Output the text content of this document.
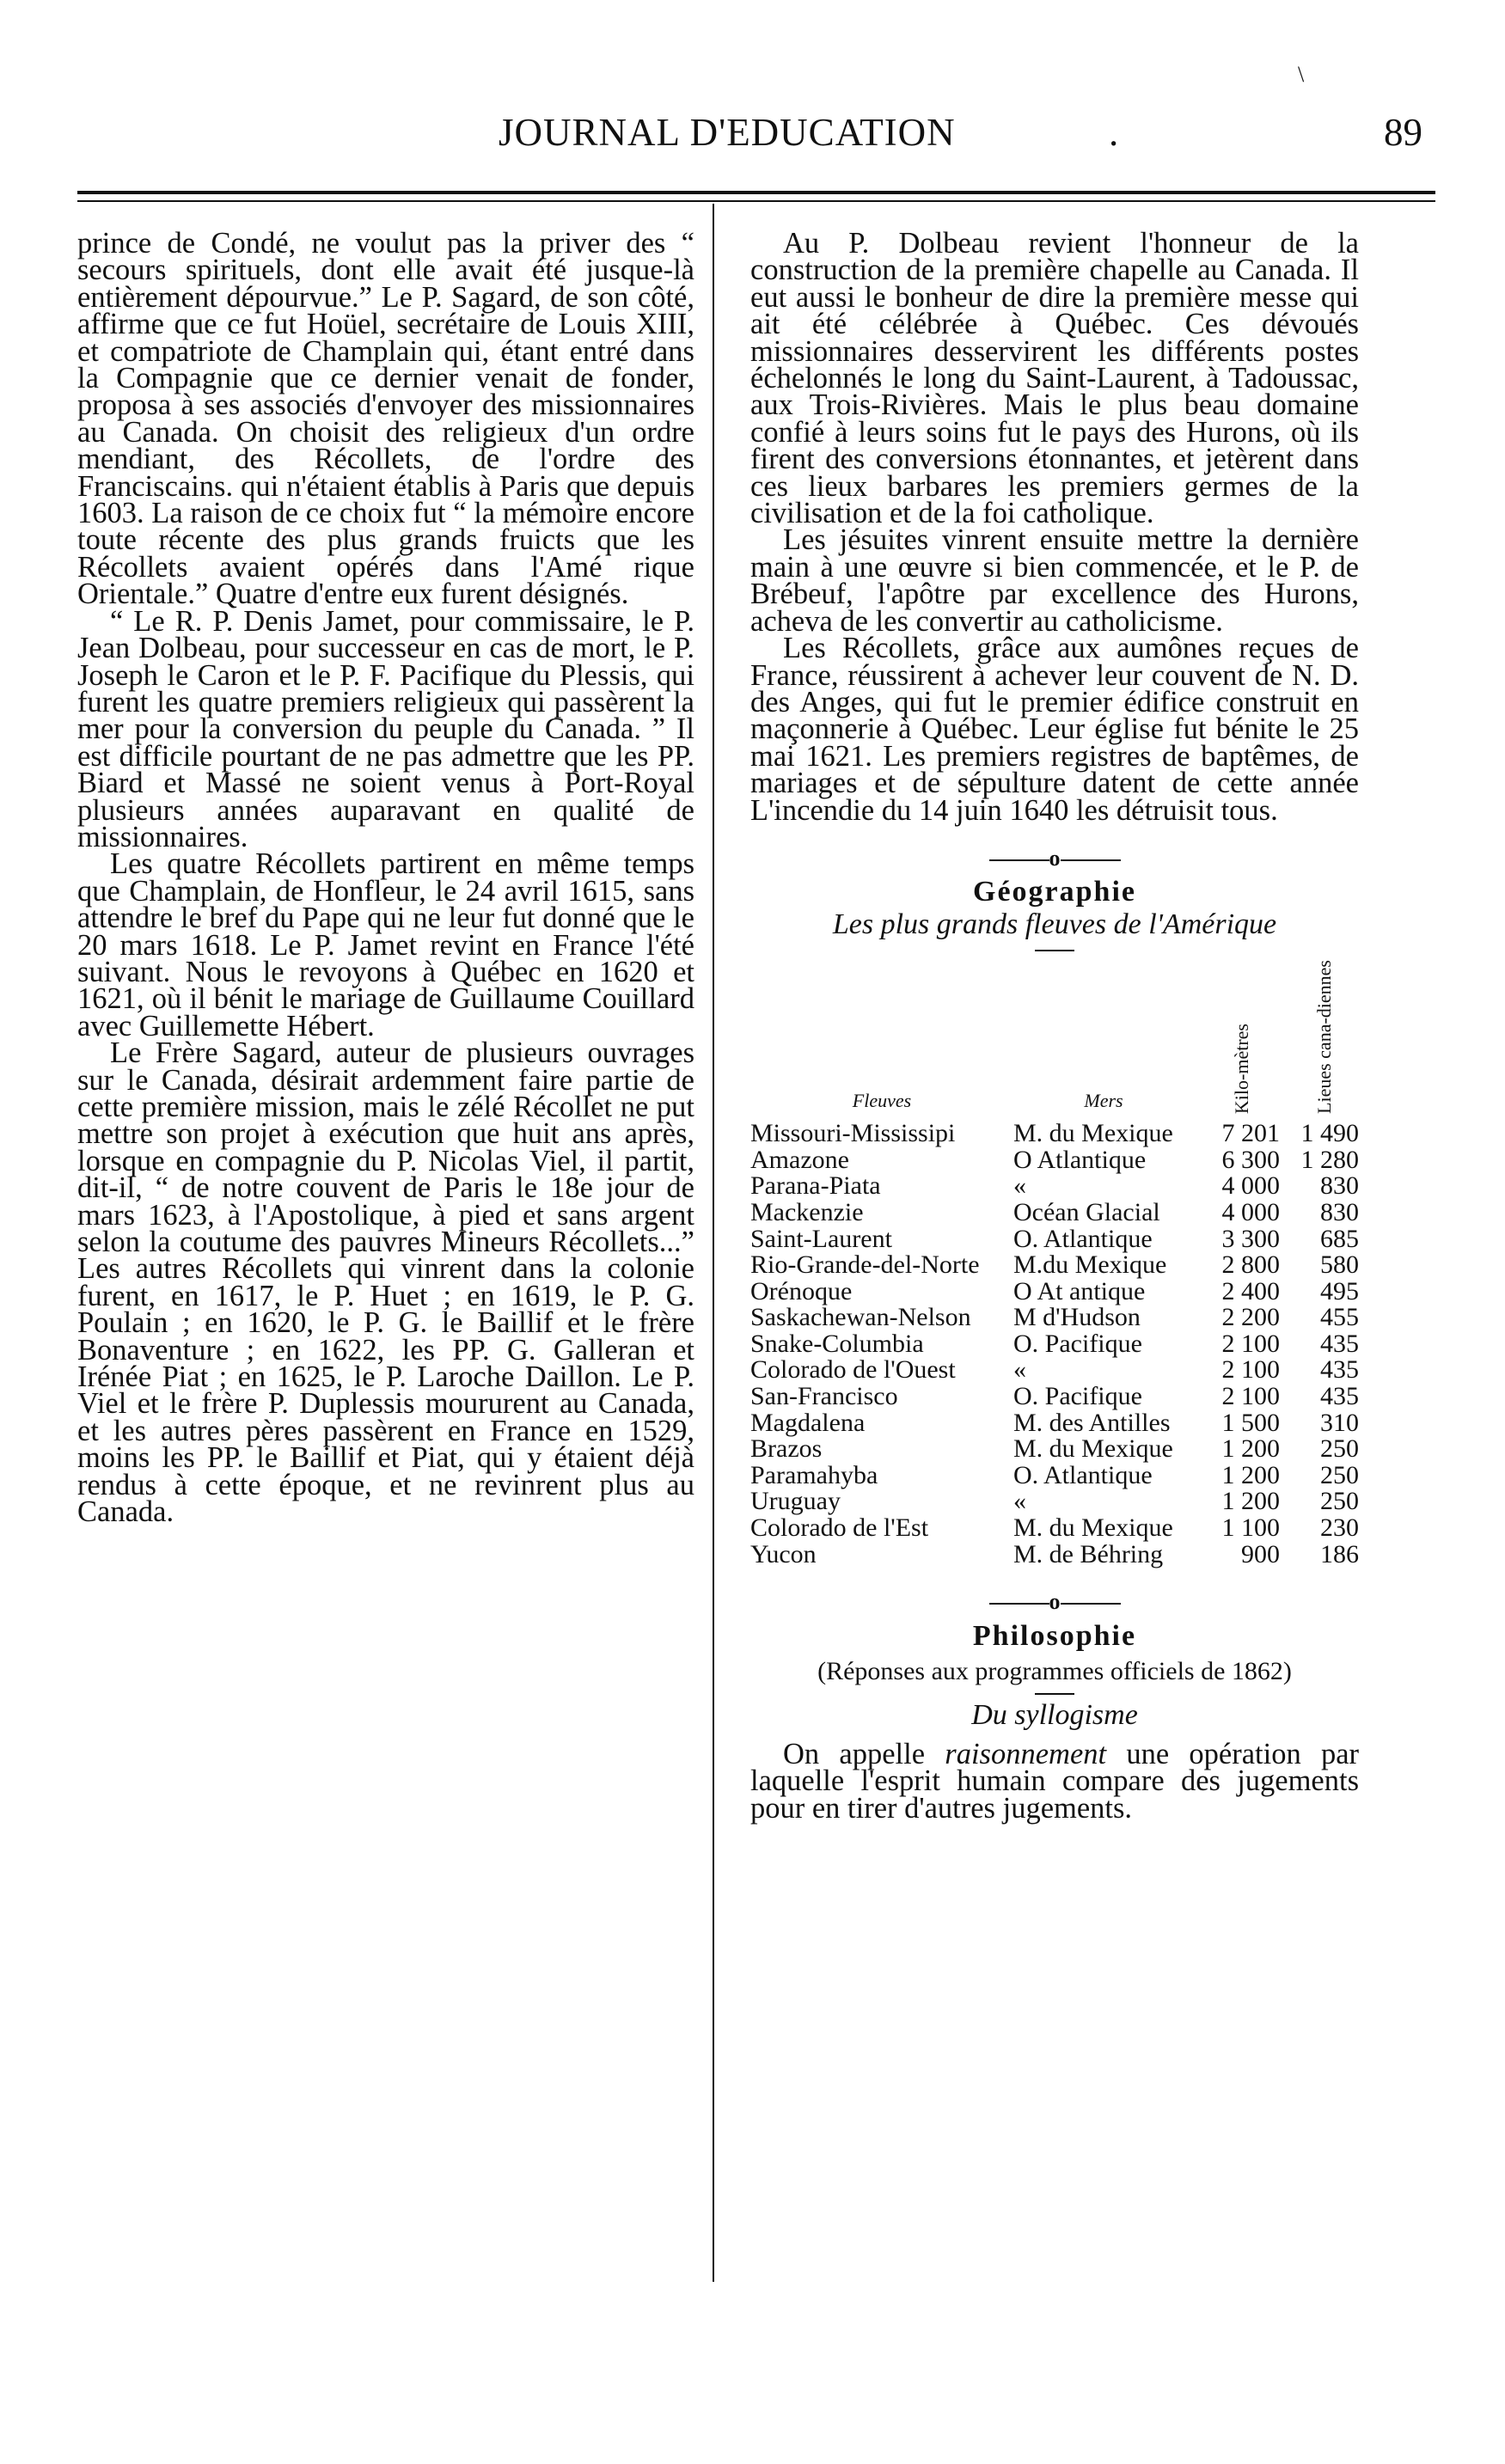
\
JOURNAL D'EDUCATION	.	89

prince de Condé, ne voulut pas la priver des “ secours spirituels, dont elle avait été jusque-là entièrement dépourvue.” Le P. Sagard, de son côté, affirme que ce fut Hoüel, secrétaire de Louis XIII, et compatriote de Champlain qui, étant entré dans la Compagnie que ce dernier venait de fonder, proposa à ses associés d'envoyer des missionnaires au Canada. On choisit des religieux d'un ordre mendiant, des Récollets, de l'ordre des Franciscains. qui n'étaient établis à Paris que depuis 1603. La raison de ce choix fut “ la mémoire encore toute récente des plus grands fruicts que les Récollets avaient opérés dans l'Amé rique Orientale.” Quatre d'entre eux furent désignés.

“ Le R. P. Denis Jamet, pour commissaire, le P. Jean Dolbeau, pour successeur en cas de mort, le P. Joseph le Caron et le P. F. Pacifique du Plessis, qui furent les quatre premiers religieux qui passèrent la mer pour la conversion du peuple du Canada. ” Il est difficile pourtant de ne pas admettre que les PP. Biard et Massé ne soient venus à Port-Royal plusieurs années auparavant en qualité de missionnaires.

Les quatre Récollets partirent en même temps que Champlain, de Honfleur, le 24 avril 1615, sans attendre le bref du Pape qui ne leur fut donné que le 20 mars 1618. Le P. Jamet revint en France l'été suivant. Nous le revoyons à Québec en 1620 et 1621, où il bénit le mariage de Guillaume Couillard avec Guillemette Hébert.

Le Frère Sagard, auteur de plusieurs ouvrages sur le Canada, désirait ardemment faire partie de cette première mission, mais le zélé Récollet ne put mettre son projet à exécution que huit ans après, lorsque en compagnie du P. Nicolas Viel, il partit, dit-il, “ de notre couvent de Paris le 18e jour de mars 1623, à l'Apostolique, à pied et sans argent selon la coutume des pauvres Mineurs Récollets...” Les autres Récollets qui vinrent dans la colonie furent, en 1617, le P. Huet ; en 1619, le P. G. Poulain ; en 1620, le P. G. le Baillif et le frère Bonaventure ; en 1622, les PP. G. Galleran et Irénée Piat ; en 1625, le P. Laroche Daillon. Le P. Viel et le frère P. Duplessis moururent au Canada, et les autres pères passèrent en France en 1529, moins les PP. le Baillif et Piat, qui y étaient déjà rendus à cette époque, et ne revinrent plus au Canada.

Au P. Dolbeau revient l'honneur de la construction de la première chapelle au Canada. Il eut aussi le bonheur de dire la première messe qui ait été célébrée à Québec. Ces dévoués missionnaires desservirent les différents postes échelonnés le long du Saint-Laurent, à Tadoussac, aux Trois-Rivières. Mais le plus beau domaine confié à leurs soins fut le pays des Hurons, où ils firent des conversions étonnantes, et jetèrent dans ces lieux barbares les premiers germes de la civilisation et de la foi catholique.

Les jésuites vinrent ensuite mettre la dernière main à une œuvre si bien commencée, et le P. de Brébeuf, l'apôtre par excellence des Hurons, acheva de les convertir au catholicisme.

Les Récollets, grâce aux aumônes reçues de France, réussirent à achever leur couvent de N. D. des Anges, qui fut le premier édifice construit en maçonnerie à Québec. Leur église fut bénite le 25 mai 1621. Les premiers registres de baptêmes, de mariages et de sépulture datent de cette année L'incendie du 14 juin 1640 les détruisit tous.

o
Géographie
Les plus grands fleuves de l'Amérique
Fleuves	Mers	Kilo-mètres	Lieues cana-diennes

Missouri-Mississipi	M. du Mexique	7 201	1 490
Amazone	O Atlantique	6 300	1 280
Parana-Piata	«	4 000	830
Mackenzie	Océan Glacial	4 000	830
Saint-Laurent	O. Atlantique	3 300	685
Rio-Grande-del-Norte	M.du Mexique	2 800	580
Orénoque	O At antique	2 400	495
Saskachewan-Nelson	M d'Hudson	2 200	455
Snake-Columbia	O. Pacifique	2 100	435
Colorado de l'Ouest	«	2 100	435
San-Francisco	O. Pacifique	2 100	435
Magdalena	M. des Antilles	1 500	310
Brazos	M. du Mexique	1 200	250
Paramahyba	O. Atlantique	1 200	250
Uruguay	«	1 200	250
Colorado de l'Est	M. du Mexique	1 100	230
Yucon	M. de Béhring	900	186
o
Philosophie
(Réponses aux programmes officiels de 1862)
Du syllogisme

On appelle raisonnement une opération par laquelle l'esprit humain compare des jugements pour en tirer d'autres jugements.
